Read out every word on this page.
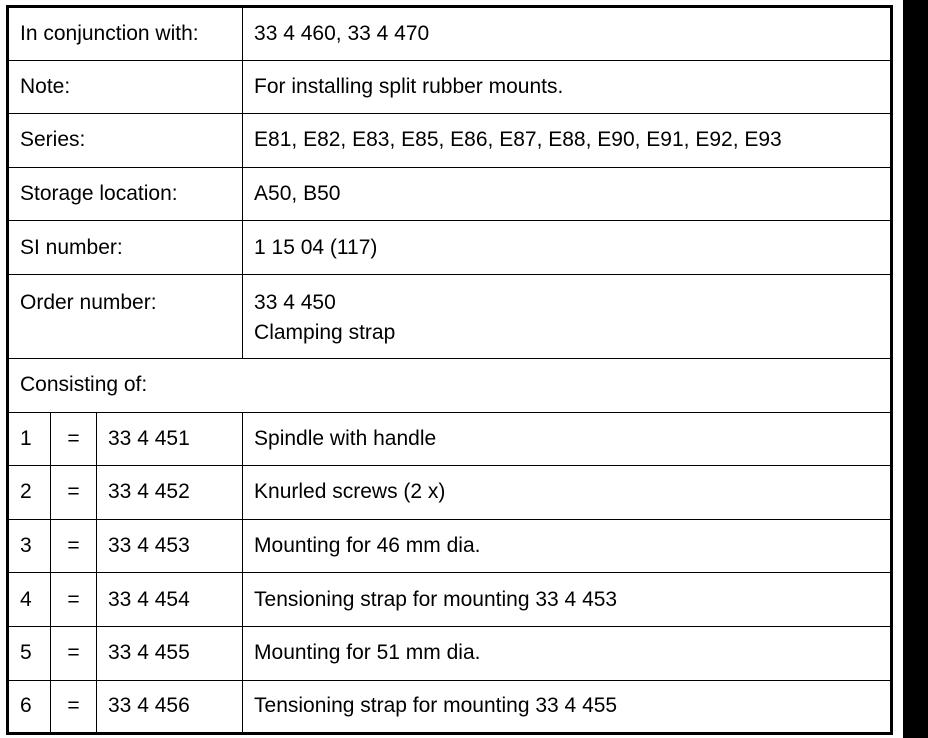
In conjunction with:			33 4 460, 33 4 470
Note:			For installing split rubber mounts.
Series:			E81, E82, E83, E85, E86, E87, E88, E90, E91, E92, E93
Storage location:			A50, B50
SI number:			1 15 04 (117)
Order number:			33 4 450
Clamping strap

Consisting of:			
1	=	33 4 451	Spindle with handle
2	=	33 4 452	Knurled screws (2 x)
3	=	33 4 453	Mounting for 46 mm dia.
4	=	33 4 454	Tensioning strap for mounting 33 4 453
5	=	33 4 455	Mounting for 51 mm dia.
6	=	33 4 456	Tensioning strap for mounting 33 4 455
